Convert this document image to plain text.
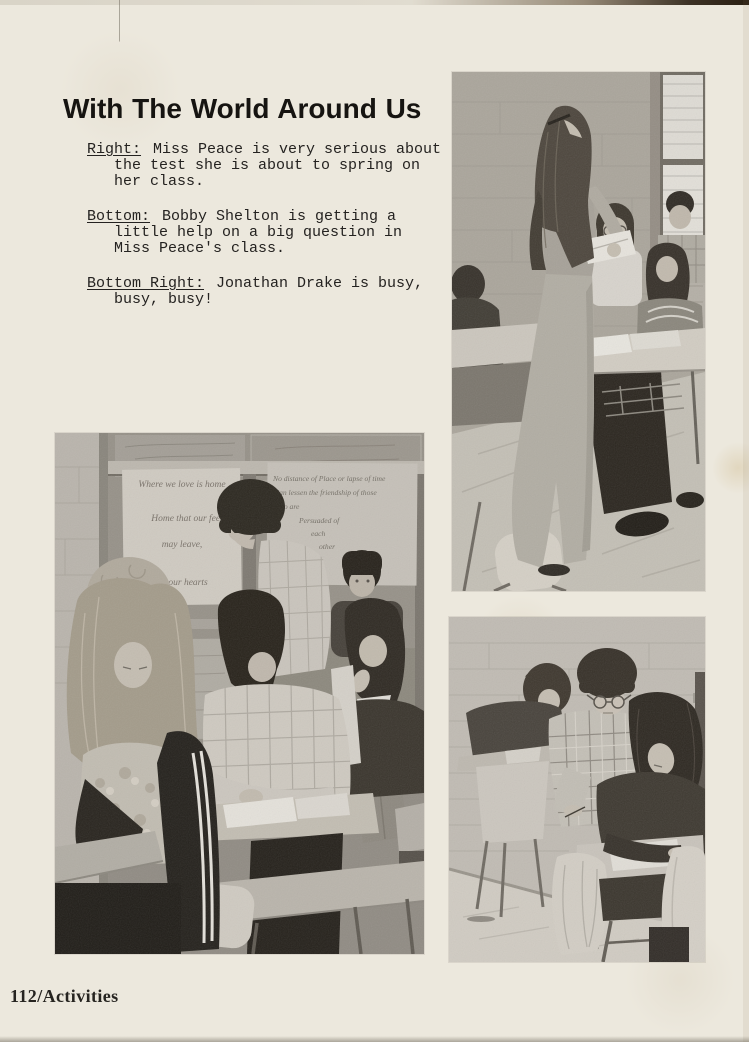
With The World Around Us

Right: Miss Peace is very serious about
the test she is about to spring on
her class.

Bottom: Bobby Shelton is getting a
little help on a big question in
Miss Peace's class.

Bottom Right: Jonathan Drake is busy,
busy, busy!

112/Activities
